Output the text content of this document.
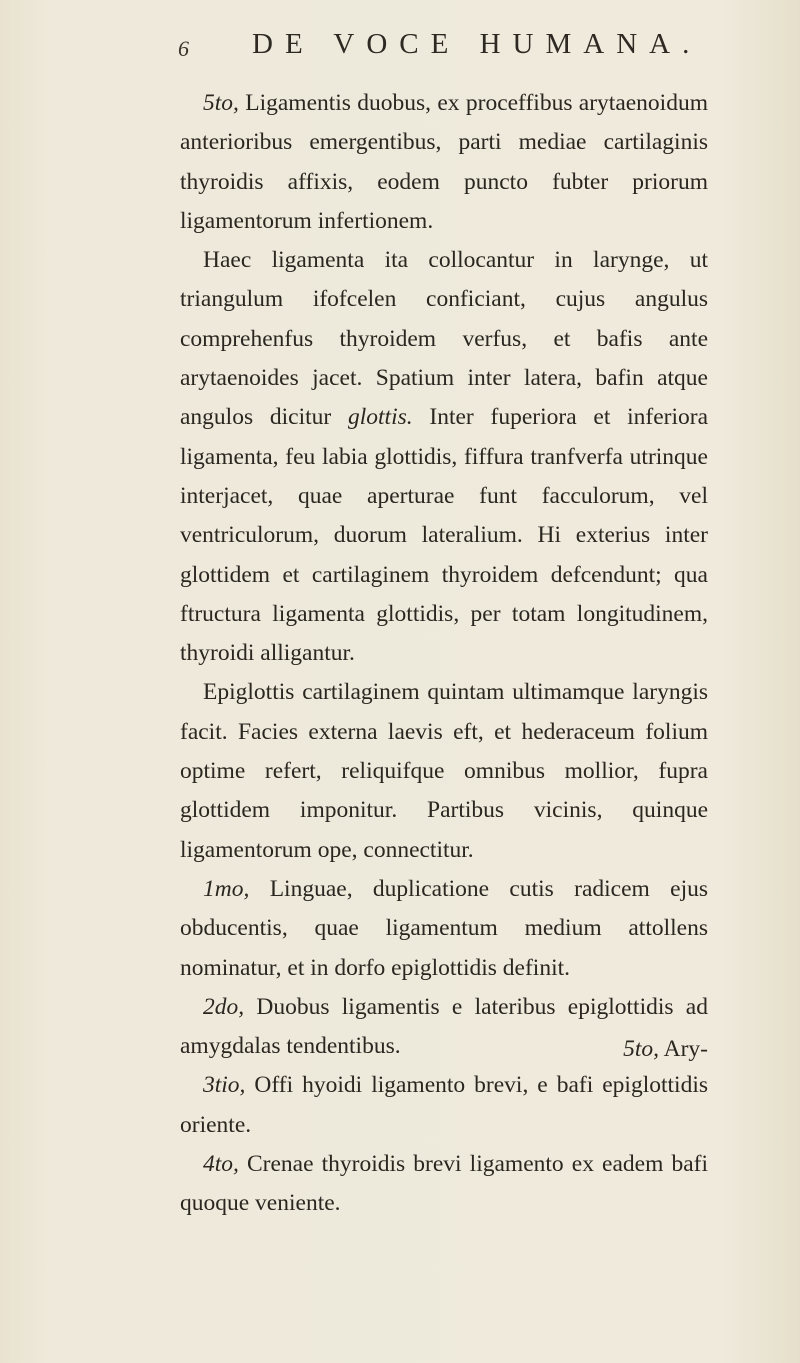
6 DE VOCE HUMANA.

5to, Ligamentis duobus, ex proceffibus arytaenoidum anterioribus emergentibus, parti mediae cartilaginis thyroidis affixis, eodem puncto fubter priorum ligamentorum infertionem.

Haec ligamenta ita collocantur in larynge, ut triangulum ifofcelen conficiant, cujus angulus comprehenfus thyroidem verfus, et bafis ante arytaenoides jacet. Spatium inter latera, bafin atque angulos dicitur glottis. Inter fuperiora et inferiora ligamenta, feu labia glottidis, fiffura tranfverfa utrinque interjacet, quae aperturae funt facculorum, vel ventriculorum, duorum lateralium. Hi exterius inter glottidem et cartilaginem thyroidem defcendunt; qua ftructura ligamenta glottidis, per totam longitudinem, thyroidi alligantur.

Epiglottis cartilaginem quintam ultimamque laryngis facit. Facies externa laevis eft, et hederaceum folium optime refert, reliquifque omnibus mollior, fupra glottidem imponitur. Partibus vicinis, quinque ligamentorum ope, connectitur.

1mo, Linguae, duplicatione cutis radicem ejus obducentis, quae ligamentum medium attollens nominatur, et in dorfo epiglottidis definit.

2do, Duobus ligamentis e lateribus epiglottidis ad amygdalas tendentibus.

3tio, Offi hyoidi ligamento brevi, e bafi epiglottidis oriente.

4to, Crenae thyroidis brevi ligamento ex eadem bafi quoque veniente.

5to, Ary-
